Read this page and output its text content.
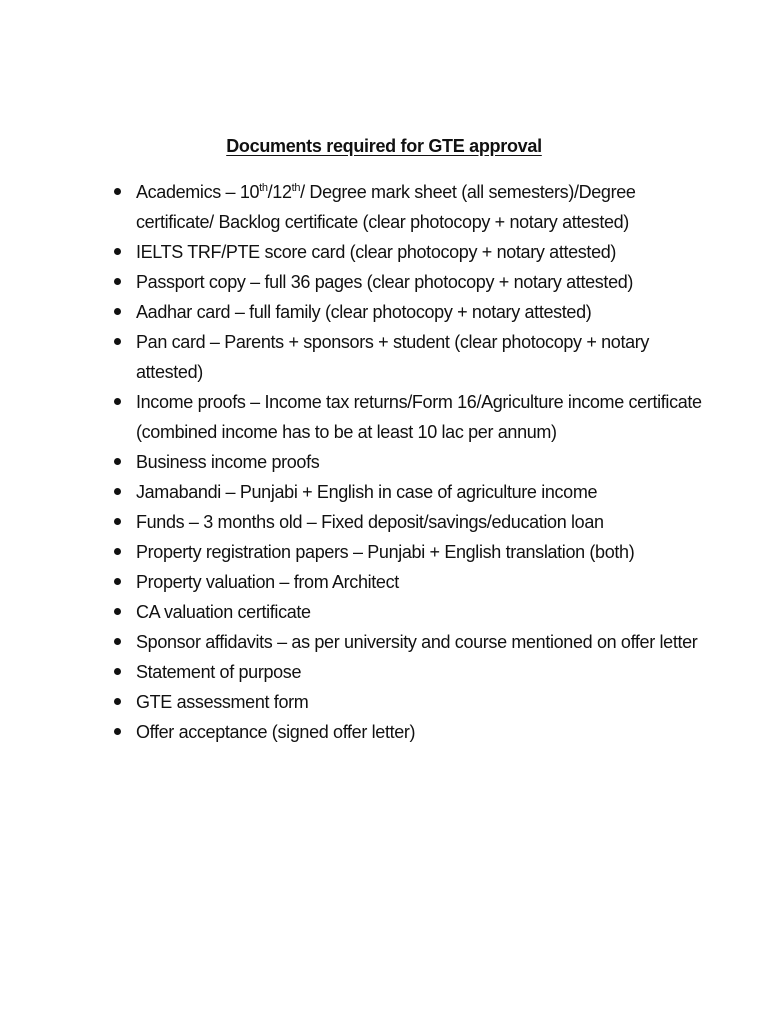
Documents required for GTE approval
Academics – 10th/12th/ Degree mark sheet (all semesters)/Degree certificate/ Backlog certificate (clear photocopy + notary attested)
IELTS TRF/PTE score card (clear photocopy + notary attested)
Passport copy – full 36 pages (clear photocopy + notary attested)
Aadhar card – full family (clear photocopy + notary attested)
Pan card – Parents + sponsors + student (clear photocopy + notary attested)
Income proofs – Income tax returns/Form 16/Agriculture income certificate (combined income has to be at least 10 lac per annum)
Business income proofs
Jamabandi – Punjabi + English in case of agriculture income
Funds – 3 months old – Fixed deposit/savings/education loan
Property registration papers – Punjabi + English translation (both)
Property valuation – from Architect
CA valuation certificate
Sponsor affidavits – as per university and course mentioned on offer letter
Statement of purpose
GTE assessment form
Offer acceptance (signed offer letter)
